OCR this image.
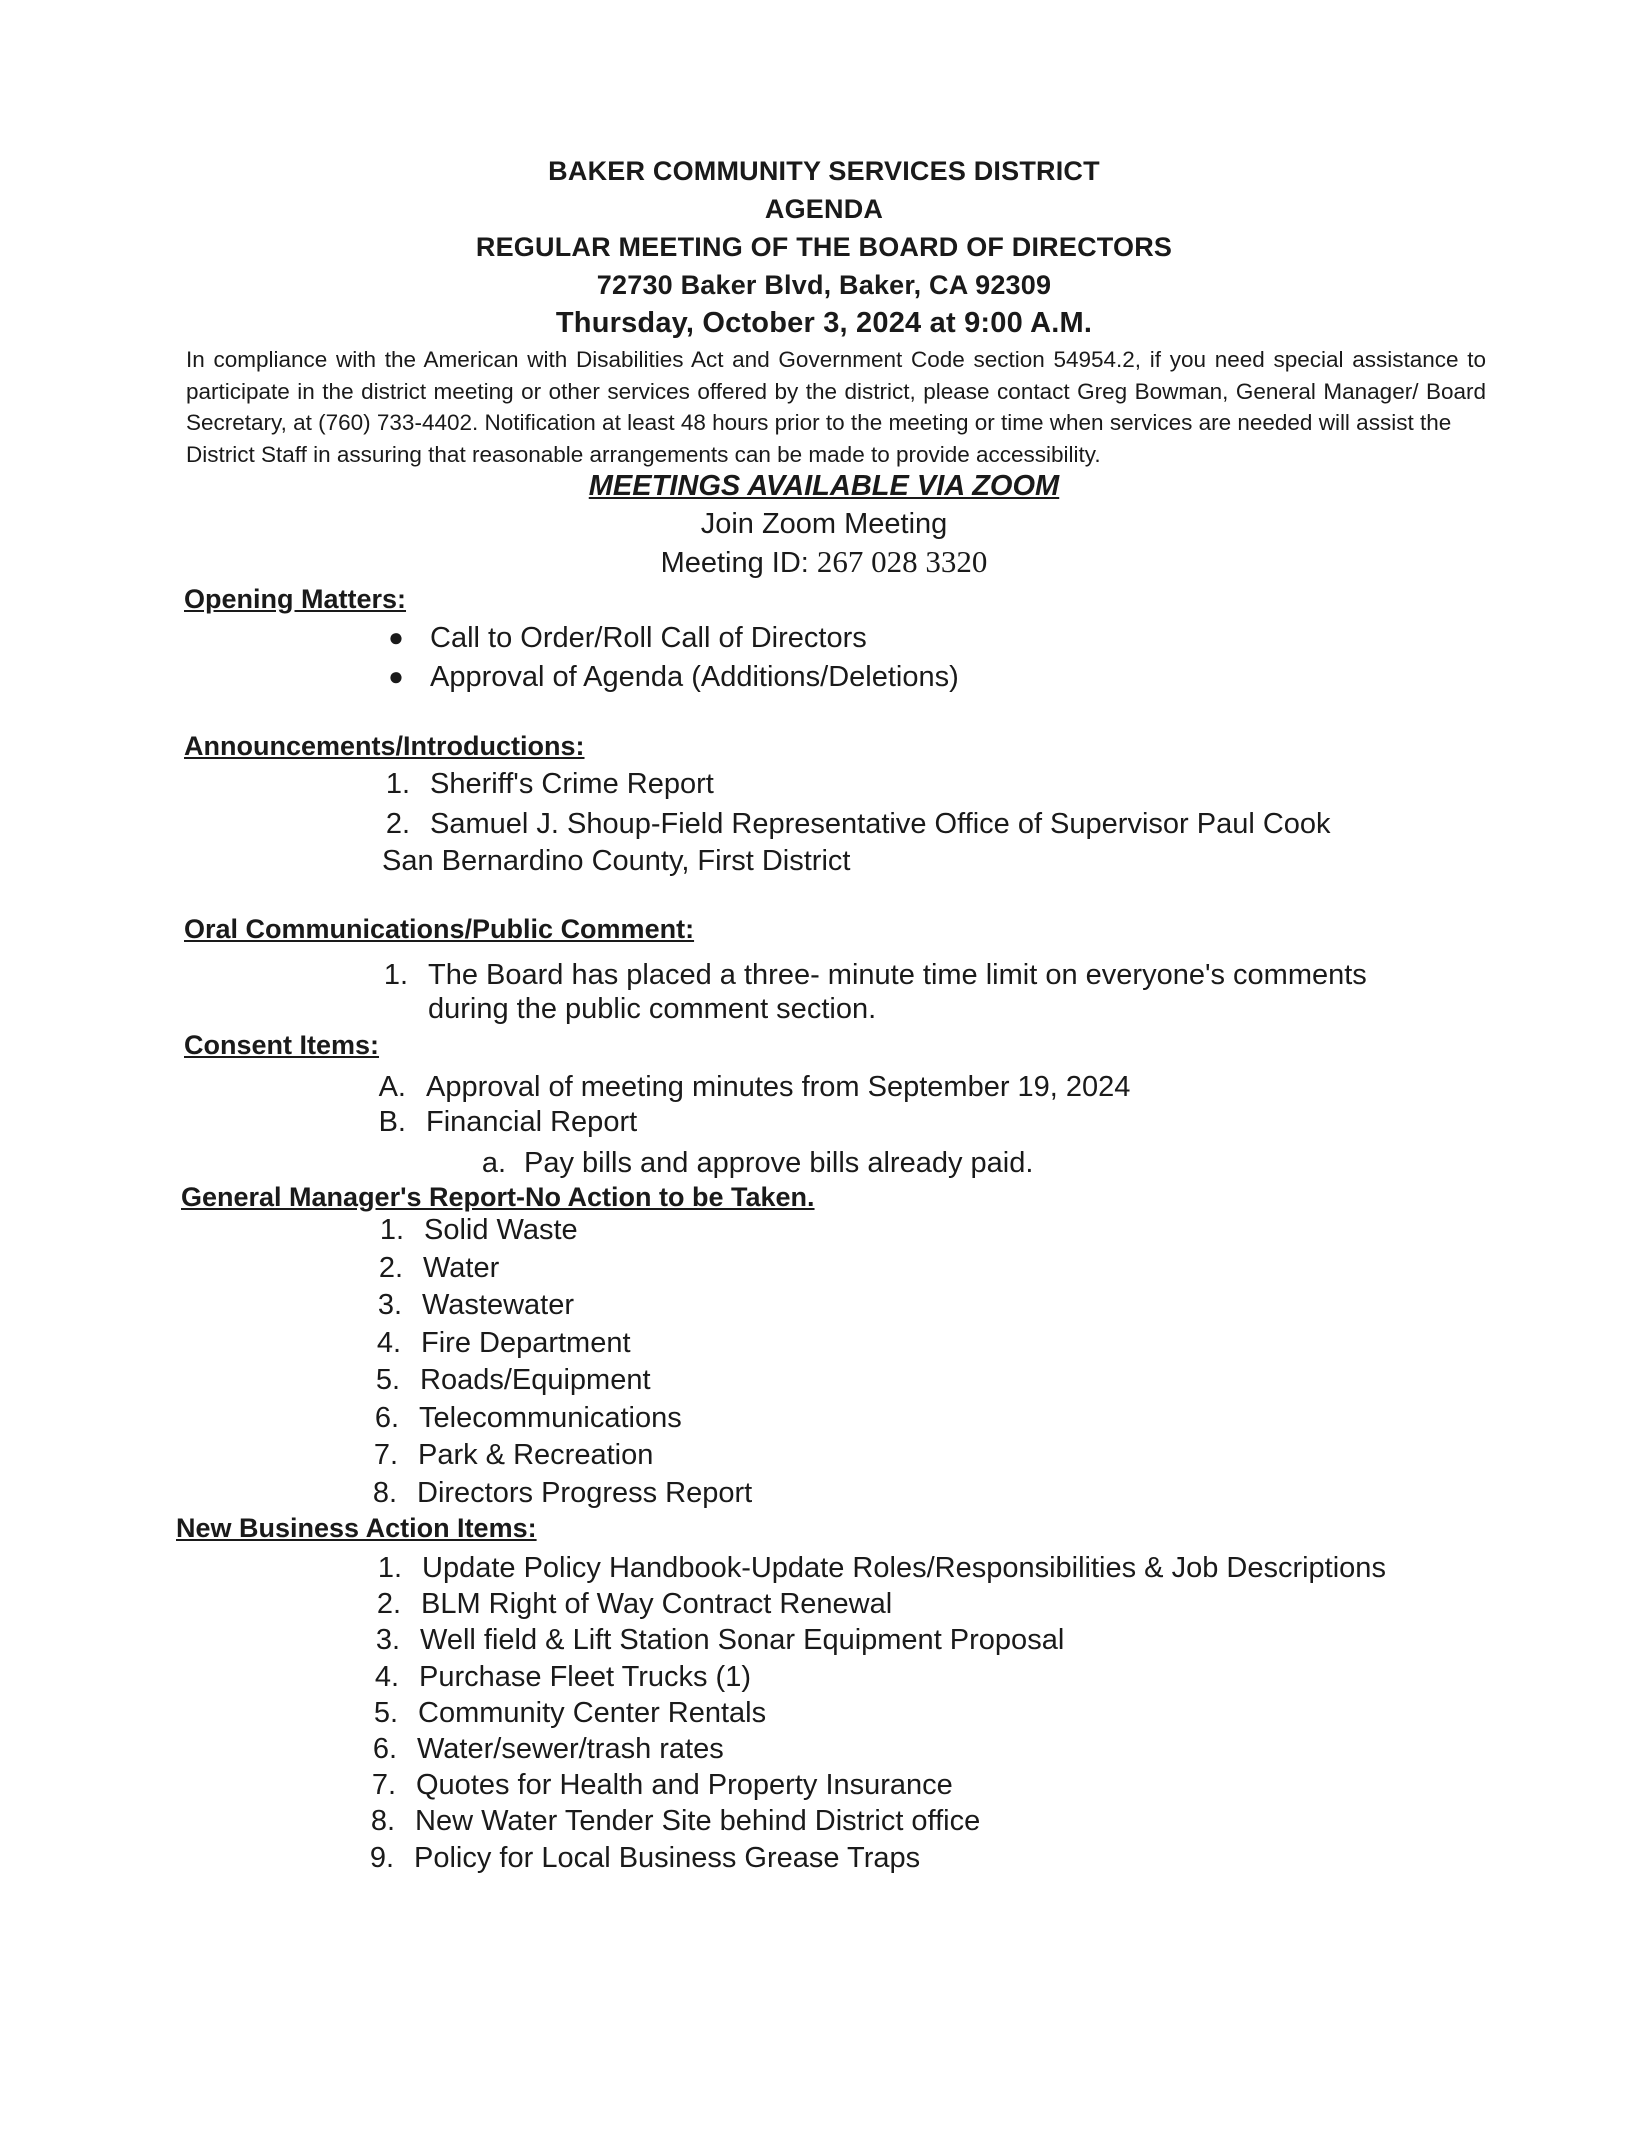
BAKER COMMUNITY SERVICES DISTRICT
AGENDA
REGULAR MEETING OF THE BOARD OF DIRECTORS
72730 Baker Blvd, Baker, CA 92309
Thursday, October 3, 2024 at 9:00 A.M.
In compliance with the American with Disabilities Act and Government Code section 54954.2, if you need special assistance to participate in the district meeting or other services offered by the district, please contact Greg Bowman, General Manager/ Board Secretary, at (760) 733-4402. Notification at least 48 hours prior to the meeting or time when services are needed will assist the
District Staff in assuring that reasonable arrangements can be made to provide accessibility.
MEETINGS AVAILABLE VIA ZOOM
Join Zoom Meeting
Meeting ID: 267 028 3320
Opening Matters:
● Call to Order/Roll Call of Directors
● Approval of Agenda (Additions/Deletions)
Announcements/Introductions:
1. Sheriff's Crime Report
2. Samuel J. Shoup-Field Representative Office of Supervisor Paul Cook
San Bernardino County, First District
Oral Communications/Public Comment:
1. The Board has placed a three- minute time limit on everyone's comments during the public comment section.
Consent Items:
A. Approval of meeting minutes from September 19, 2024
B. Financial Report
a. Pay bills and approve bills already paid.
General Manager's Report-No Action to be Taken.
1. Solid Waste
2. Water
3. Wastewater
4. Fire Department
5. Roads/Equipment
6. Telecommunications
7. Park & Recreation
8. Directors Progress Report
New Business Action Items:
1. Update Policy Handbook-Update Roles/Responsibilities & Job Descriptions
2. BLM Right of Way Contract Renewal
3. Well field & Lift Station Sonar Equipment Proposal
4. Purchase Fleet Trucks (1)
5. Community Center Rentals
6. Water/sewer/trash rates
7. Quotes for Health and Property Insurance
8. New Water Tender Site behind District office
9. Policy for Local Business Grease Traps
